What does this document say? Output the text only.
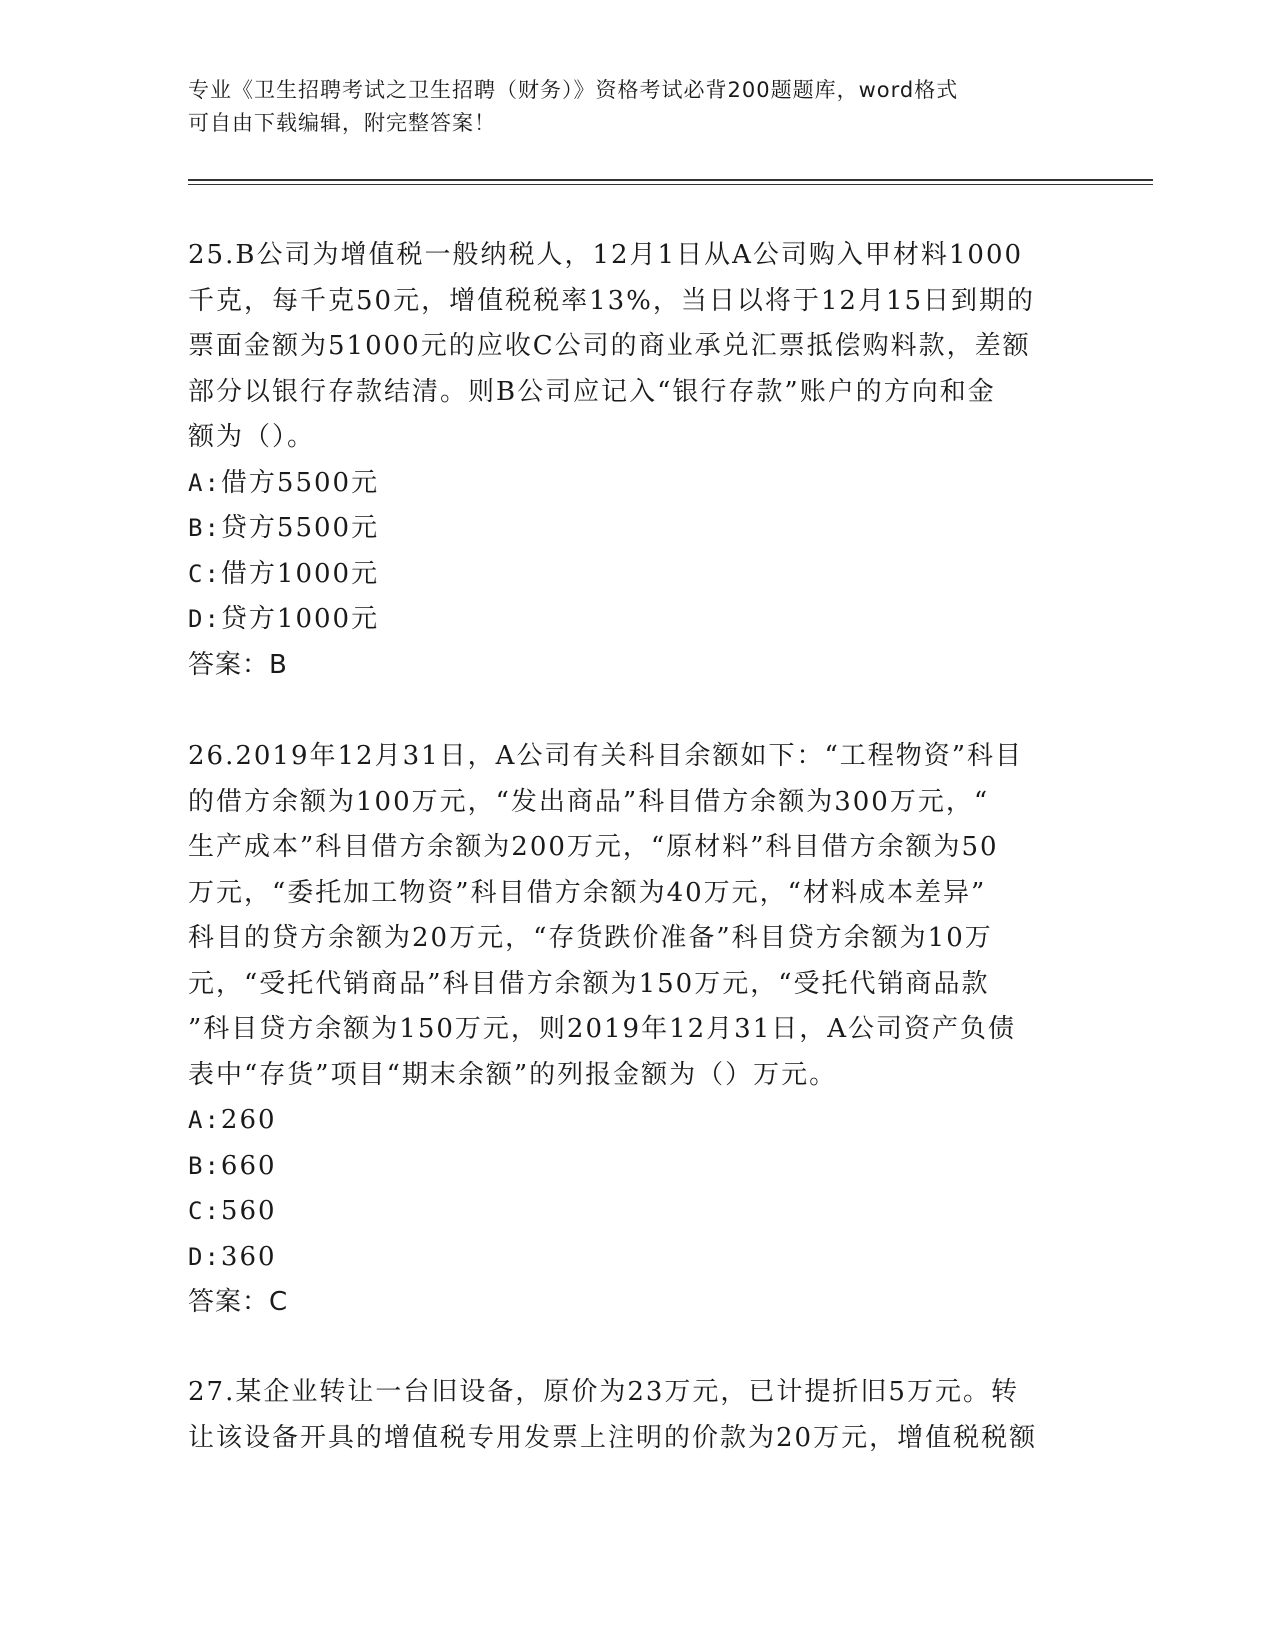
专业《卫生招聘考试之卫生招聘（财务）》资格考试必背200题题库，word格式

可自由下载编辑，附完整答案！

25.B公司为增值税一般纳税人，12月1日从A公司购入甲材料1000

千克，每千克50元，增值税税率13%，当日以将于12月15日到期的

票面金额为51000元的应收C公司的商业承兑汇票抵偿购料款，差额

部分以银行存款结清。则B公司应记入“银行存款”账户的方向和金

额为（）。

A:借方5500元

B:贷方5500元

C:借方1000元

D:贷方1000元

答案：B

26.2019年12月31日，A公司有关科目余额如下：“工程物资”科目

的借方余额为100万元，“发出商品”科目借方余额为300万元，“

生产成本”科目借方余额为200万元，“原材料”科目借方余额为50

万元，“委托加工物资”科目借方余额为40万元，“材料成本差异”

科目的贷方余额为20万元，“存货跌价准备”科目贷方余额为10万

元，“受托代销商品”科目借方余额为150万元，“受托代销商品款

”科目贷方余额为150万元，则2019年12月31日，A公司资产负债

表中“存货”项目“期末余额”的列报金额为（）万元。

A:260

B:660

C:560

D:360

答案：C

27.某企业转让一台旧设备，原价为23万元，已计提折旧5万元。转

让该设备开具的增值税专用发票上注明的价款为20万元，增值税税额
